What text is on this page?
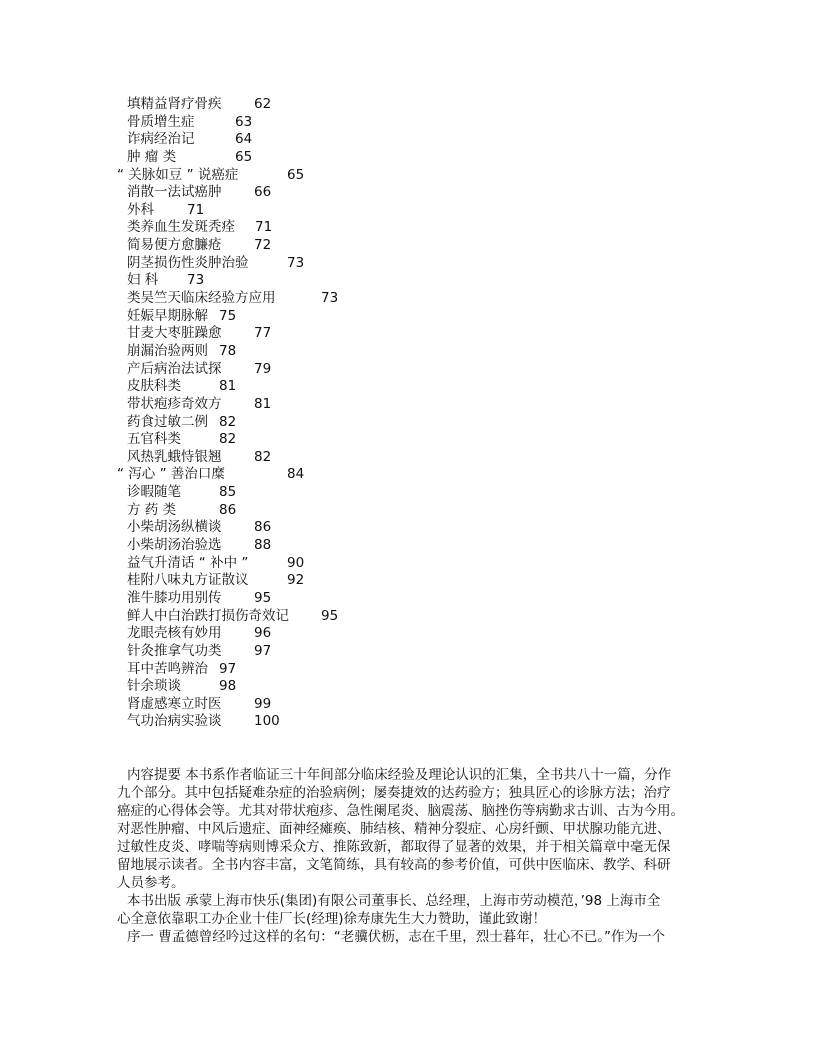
填精益肾疗骨疾 62
骨质增生症	63
诈病经治记	64
肿 瘤 类	65
“ 关脉如豆 ” 说癌症	65
消散一法试癌肿 66
外科 71
类养血生发斑秃痊 71
简易便方愈臁疮 72
阴茎损伤性炎肿治验	73
妇 科 73
类吴竺天临床经验方应用	73
妊娠早期脉解 75
甘麦大枣脏躁愈 77
崩漏治验两则 78
产后病治法试探 79
皮肤科类	81
带状疱疹奇效方 81
药食过敏二例 82
五官科类	82
风热乳蛾恃银翘 82
“ 泻心 ” 善治口糜	84
诊暇随笔	85
方 药 类	86
小柴胡汤纵横谈 86
小柴胡汤治验选 88
益气升清话 “ 补中 ”	90
桂附八味丸方证散议	92
淮牛膝功用别传 95
鲜人中白治跌打损伤奇效记 95
龙眼壳核有妙用 96
针灸推拿气功类 97
耳中苦鸣辨治 97
针余琐谈	98
肾虚感寒立时医 99
气功治病实验谈 100

内容提要 本书系作者临证三十年间部分临床经验及理论认识的汇集，全书共八十一篇，分作

九个部分。其中包括疑难杂症的治验病例；屡奏捷效的达药验方；独具匠心的诊脉方法；治疗

癌症的心得体会等。尤其对带状疱疹、急性阑尾炎、脑震荡、脑挫伤等病勤求古训、古为今用。

对恶性肿瘤、中风后遗症、面神经瘫痪、肺结核、精神分裂症、心房纤颤、甲状腺功能亢进、

过敏性皮炎、哮喘等病则博采众方、推陈致新，都取得了显著的效果，并于相关篇章中毫无保

留地展示读者。全书内容丰富，文笔简练，具有较高的参考价值，可供中医临床、教学、科研

人员参考。

本书出版 承蒙上海市快乐(集团)有限公司董事长、总经理，上海市劳动模范，’98 上海市全

心全意依靠职工办企业十佳厂长(经理)徐寿康先生大力赞助，谨此致谢！

序一 曹孟德曾经吟过这样的名句：“老骥伏枥，志在千里，烈士暮年，壮心不已。”作为一个
